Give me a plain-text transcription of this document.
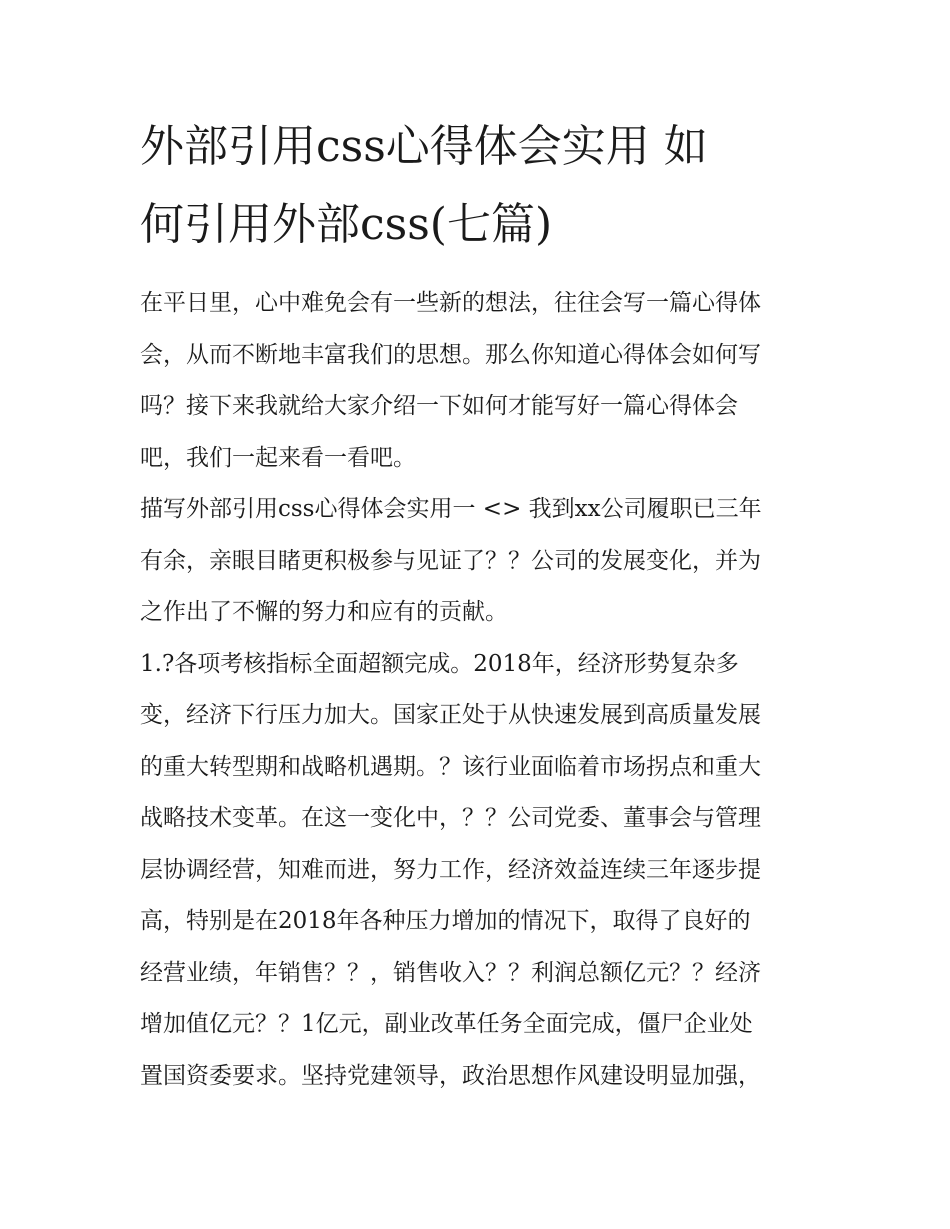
外部引用css心得体会实用 如
何引用外部css(七篇)

在平日里，心中难免会有一些新的想法，往往会写一篇心得体
会，从而不断地丰富我们的思想。那么你知道心得体会如何写
吗？接下来我就给大家介绍一下如何才能写好一篇心得体会
吧，我们一起来看一看吧。

描写外部引用css心得体会实用一 <> 我到xx公司履职已三年
有余，亲眼目睹更积极参与见证了？？公司的发展变化，并为
之作出了不懈的努力和应有的贡献。

1.?各项考核指标全面超额完成。2018年，经济形势复杂多
变，经济下行压力加大。国家正处于从快速发展到高质量发展
的重大转型期和战略机遇期。？该行业面临着市场拐点和重大
战略技术变革。在这一变化中，？？公司党委、董事会与管理
层协调经营，知难而进，努力工作，经济效益连续三年逐步提
高，特别是在2018年各种压力增加的情况下，取得了良好的
经营业绩，年销售？？，销售收入？？利润总额亿元？？经济
增加值亿元？？1亿元，副业改革任务全面完成，僵尸企业处
置国资委要求。坚持党建领导，政治思想作风建设明显加强，
